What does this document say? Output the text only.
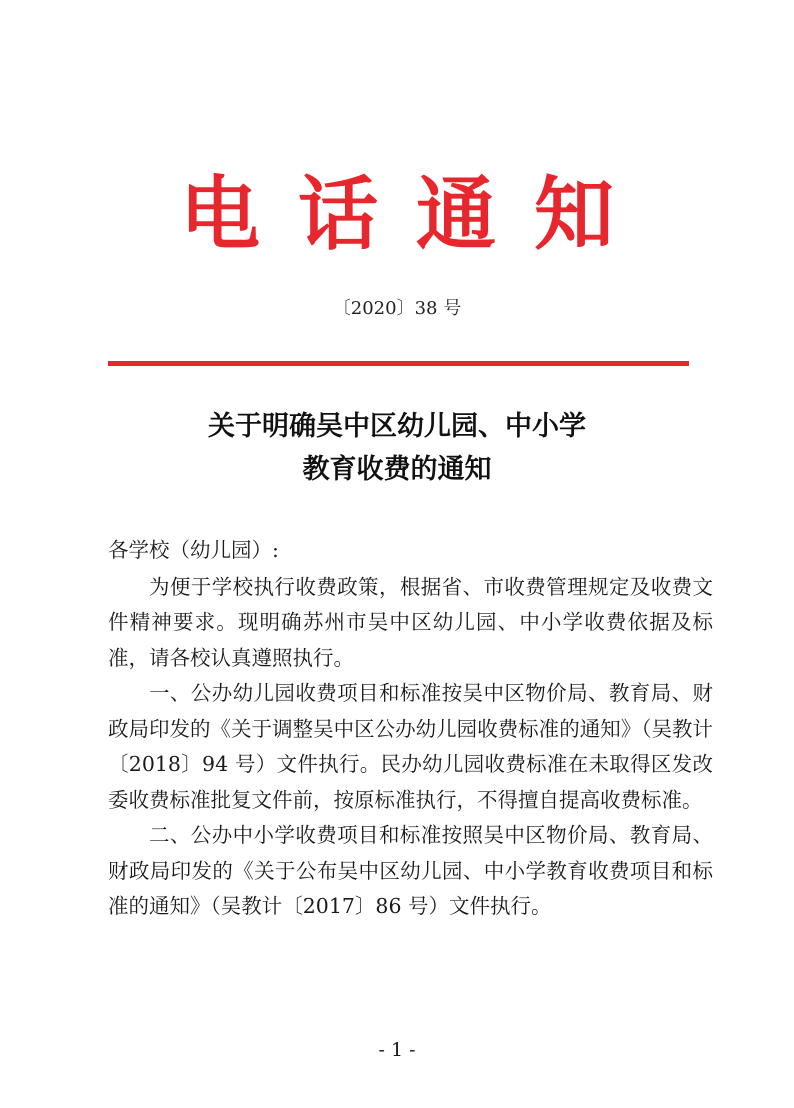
电话通知
〔2020〕38 号
关于明确吴中区幼儿园、中小学
教育收费的通知

各学校（幼儿园）:

为便于学校执行收费政策，根据省、市收费管理规定及收费文件精神要求。现明确苏州市吴中区幼儿园、中小学收费依据及标准，请各校认真遵照执行。

一、公办幼儿园收费项目和标准按吴中区物价局、教育局、财政局印发的《关于调整吴中区公办幼儿园收费标准的通知》（吴教计〔2018〕94 号）文件执行。民办幼儿园收费标准在未取得区发改委收费标准批复文件前，按原标准执行，不得擅自提高收费标准。

二、公办中小学收费项目和标准按照吴中区物价局、教育局、财政局印发的《关于公布吴中区幼儿园、中小学教育收费项目和标准的通知》（吴教计〔2017〕86 号）文件执行。

- 1 -
